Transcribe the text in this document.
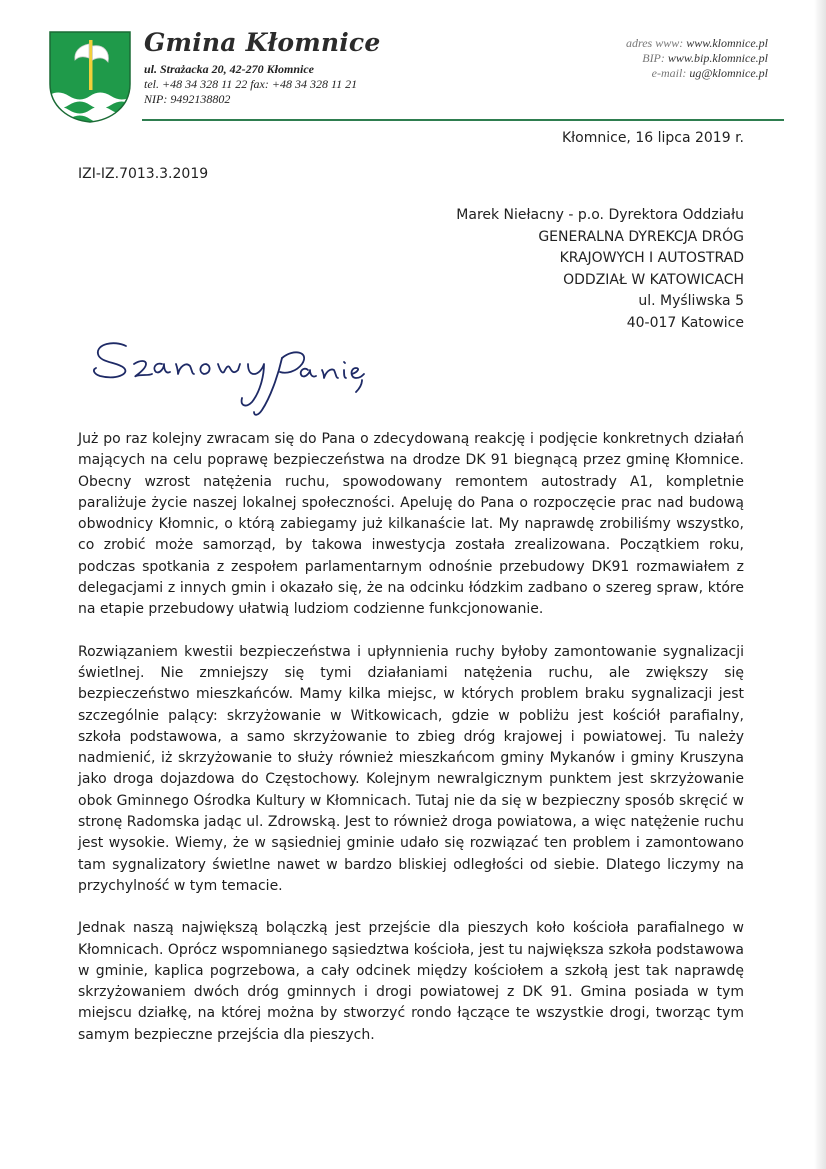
Gmina Kłomnice
ul. Strażacka 20, 42-270 Kłomnice
tel. +48 34 328 11 22 fax: +48 34 328 11 21
NIP: 9492138802
adres www: www.klomnice.pl
BIP: www.bip.klomnice.pl
e-mail: ug@klomnice.pl
Kłomnice, 16 lipca 2019 r.
IZI-IZ.7013.3.2019
Marek Niełacny - p.o. Dyrektora Oddziału
GENERALNA DYREKCJA DRÓG
KRAJOWYCH I AUTOSTRAD
ODDZIAŁ W KATOWICACH
ul. Myśliwska 5
40-017 Katowice

Już po raz kolejny zwracam się do Pana o zdecydowaną reakcję i podjęcie konkretnych działań mających na celu poprawę bezpieczeństwa na drodze DK 91 biegnącą przez gminę Kłomnice. Obecny wzrost natężenia ruchu, spowodowany remontem autostrady A1, kompletnie paraliżuje życie naszej lokalnej społeczności. Apeluję do Pana o rozpoczęcie prac nad budową obwodnicy Kłomnic, o którą zabiegamy już kilkanaście lat. My naprawdę zrobiliśmy wszystko, co zrobić może samorząd, by takowa inwestycja została zrealizowana. Początkiem roku, podczas spotkania z zespołem parlamentarnym odnośnie przebudowy DK91 rozmawiałem z delegacjami z innych gmin i okazało się, że na odcinku łódzkim zadbano o szereg spraw, które na etapie przebudowy ułatwią ludziom codzienne funkcjonowanie.

Rozwiązaniem kwestii bezpieczeństwa i upłynnienia ruchy byłoby zamontowanie sygnalizacji świetlnej. Nie zmniejszy się tymi działaniami natężenia ruchu, ale zwiększy się bezpieczeństwo mieszkańców. Mamy kilka miejsc, w których problem braku sygnalizacji jest szczególnie palący: skrzyżowanie w Witkowicach, gdzie w pobliżu jest kościół parafialny, szkoła podstawowa, a samo skrzyżowanie to zbieg dróg krajowej i powiatowej. Tu należy nadmienić, iż skrzyżowanie to służy również mieszkańcom gminy Mykanów i gminy Kruszyna jako droga dojazdowa do Częstochowy. Kolejnym newralgicznym punktem jest skrzyżowanie obok Gminnego Ośrodka Kultury w Kłomnicach. Tutaj nie da się w bezpieczny sposób skręcić w stronę Radomska jadąc ul. Zdrowską. Jest to również droga powiatowa, a więc natężenie ruchu jest wysokie. Wiemy, że w sąsiedniej gminie udało się rozwiązać ten problem i zamontowano tam sygnalizatory świetlne nawet w bardzo bliskiej odległości od siebie. Dlatego liczymy na przychylność w tym temacie.

Jednak naszą największą bolączką jest przejście dla pieszych koło kościoła parafialnego w Kłomnicach. Oprócz wspomnianego sąsiedztwa kościoła, jest tu największa szkoła podstawowa w gminie, kaplica pogrzebowa, a cały odcinek między kościołem a szkołą jest tak naprawdę skrzyżowaniem dwóch dróg gminnych i drogi powiatowej z DK 91. Gmina posiada w tym miejscu działkę, na której można by stworzyć rondo łączące te wszystkie drogi, tworząc tym samym bezpieczne przejścia dla pieszych.
